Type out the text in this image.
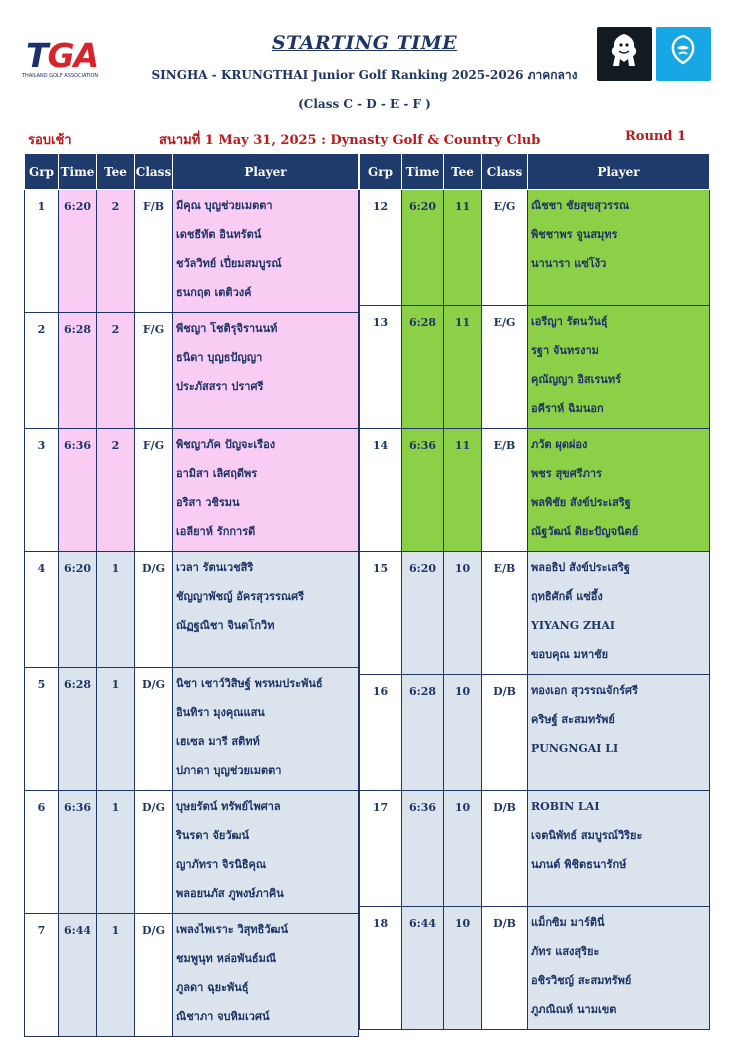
TGA
THAILAND GOLF ASSOCIATION
STARTING TIME
SINGHA - KRUNGTHAI Junior Golf Ranking 2025-2026 ภาคกลาง
(Class C - D - E - F )
รอบเช้า	สนามที่ 1 May 31, 2025 : Dynasty Golf & Country Club	Round 1
Grp	Time	Tee	Class	Player
1	6:20	2	F/B	มีคุณ บุญช่วยเมตตา
เดชธีทัต อินทรัตน์
ชวัลวิทย์ เปี่ยมสมบูรณ์
ธนกฤต เตติวงค์

2	6:28	2	F/G	พีชญา โชติรุจิรานนท์
ธนิดา บุญธปัญญา
ประภัสสรา ปราศรี

3	6:36	2	F/G	พิชญาภัค ปัญจะเรือง
อามิสา เลิศฤดีพร
อริสา วชิรมน
เอลียาห์ รักการดี

4	6:20	1	D/G	เวลา รัตนเวชสิริ
ชัญญาพัชญ์ อัครสุวรรณศรี
ณัฏฐณิชา จินดโกวิท

5	6:28	1	D/G	นิชา เชาว์วิสิษฐ์ พรหมประพันธ์
อินทิรา มุงคุณแสน
เฮเซล มารี สติทท์
ปภาดา บุญช่วยเมตตา

6	6:36	1	D/G	บุษยรัตน์ ทรัพย์ไพศาล
รินรดา จัยวัฒน์
ญาภัทรา จิรนิธิคุณ
พลอยนภัส ภูพงษ์ภาคิน

7	6:44	1	D/G	เพลงไพเราะ วิสุทธิวัฒน์
ชมพูนุท หล่อพันธ์มณี
ภูลดา ฉุยะพันธุ์
ณิชาภา จบหิมเวศน์
Grp	Time	Tee	Class	Player
12	6:20	11	E/G	ณิชชา ชัยสุขสุวรรณ
พิชชาพร จูนสมุทร
นานารา แซ่โง้ว

13	6:28	11	E/G	เอรีญา รัตนวันธุ์
รฐา จันทรงาม
คุณัญญา อิสเรนทร์
อคีราห์ ฉิมนอก

14	6:36	11	E/B	ภวัต ผุดผ่อง
พชร สุขศรีภาร
พลพิชัย สังข์ประเสริฐ
ณัฐวัฒน์ ดิยะปัญจนิตย์

15	6:20	10	E/B	พลอธิป สังข์ประเสริฐ
ฤทธิศักดิ์ แซ่อึ้ง
YIYANG ZHAI
ขอบคุณ มหาชัย

16	6:28	10	D/B	ทองเอก สุวรรณจักร์ศรี
คริษฐ์ สะสมทรัพย์
PUNGNGAI LI

17	6:36	10	D/B	ROBIN LAI
เจตนิพัทธ์ สมบูรณ์วิริยะ
นภนต์ พิชิตธนารักษ์

18	6:44	10	D/B	แม็กซิม มาร์ตินี่
ภัทร แสงสุริยะ
อชิรวิชญ์ สะสมทรัพย์
ภูภณิณห์ นามเขต
